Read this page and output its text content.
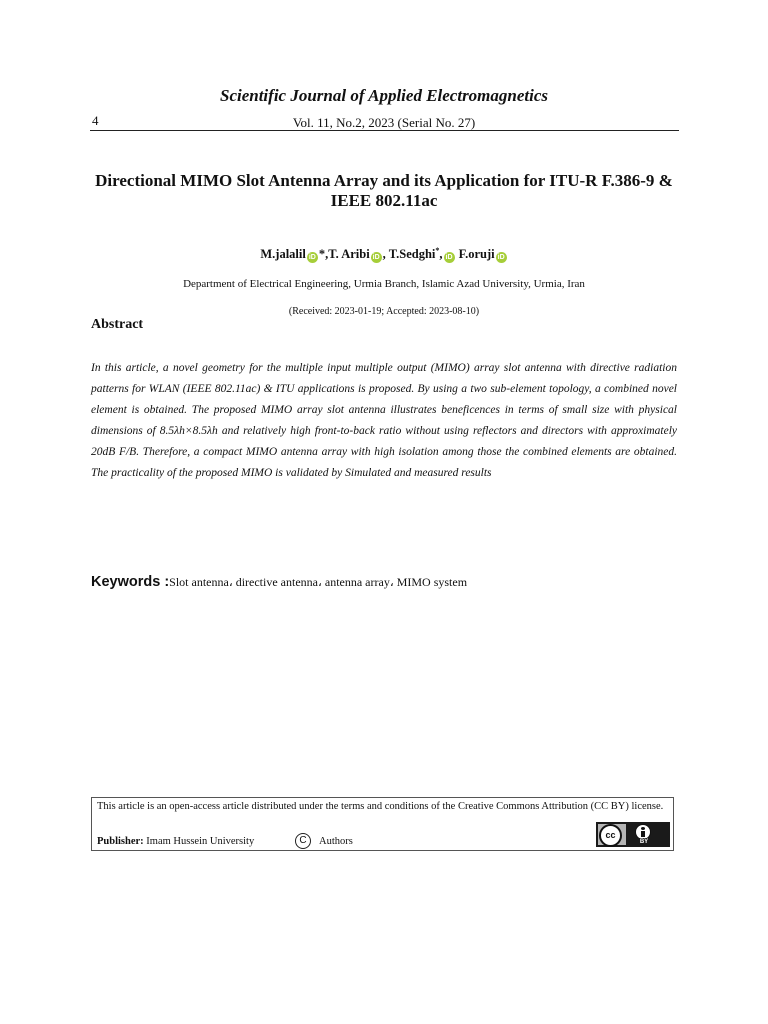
Scientific Journal of Applied Electromagnetics
4	Vol. 11, No.2, 2023 (Serial No. 27)
Directional MIMO Slot Antenna Array and its Application for ITU-R F.386-9 & IEEE 802.11ac
M.jalalil iD *,T. Aribi iD , T.Sedghi*, iD F.oruji iD
Department of Electrical Engineering, Urmia Branch, Islamic Azad University, Urmia, Iran
(Received: 2023-01-19; Accepted: 2023-08-10)
Abstract
In this article, a novel geometry for the multiple input multiple output (MIMO) array slot antenna with directive radiation patterns for WLAN (IEEE 802.11ac) & ITU applications is proposed. By using a two sub-element topology, a combined novel element is obtained. The proposed MIMO array slot antenna illustrates beneficences in terms of small size with physical dimensions of 8.5λh×8.5λh and relatively high front-to-back ratio without using reflectors and directors with approximately 20dB F/B. Therefore, a compact MIMO antenna array with high isolation among those the combined elements are obtained. The practicality of the proposed MIMO is validated by Simulated and measured results
Keywords :Slot antenna، directive antenna، antenna array، MIMO system
This article is an open-access article distributed under the terms and conditions of the Creative Commons Attribution (CC BY) license.
Publisher: Imam Hussein University	C	Authors
cc
BY
